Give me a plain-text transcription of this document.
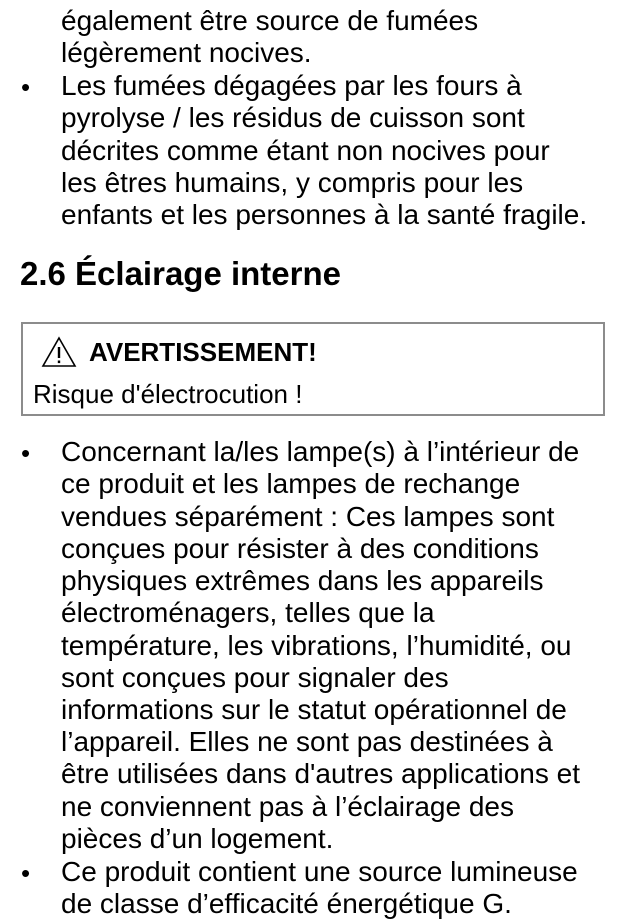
également être source de fumées
légèrement nocives.
• Les fumées dégagées par les fours à
pyrolyse / les résidus de cuisson sont
décrites comme étant non nocives pour
les êtres humains, y compris pour les
enfants et les personnes à la santé fragile.
2.6 Éclairage interne
AVERTISSEMENT!
Risque d'électrocution !
• Concernant la/les lampe(s) à l’intérieur de
ce produit et les lampes de rechange
vendues séparément : Ces lampes sont
conçues pour résister à des conditions
physiques extrêmes dans les appareils
électroménagers, telles que la
température, les vibrations, l’humidité, ou
sont conçues pour signaler des
informations sur le statut opérationnel de
l’appareil. Elles ne sont pas destinées à
être utilisées dans d'autres applications et
ne conviennent pas à l’éclairage des
pièces d’un logement.
• Ce produit contient une source lumineuse
de classe d’efficacité énergétique G.
